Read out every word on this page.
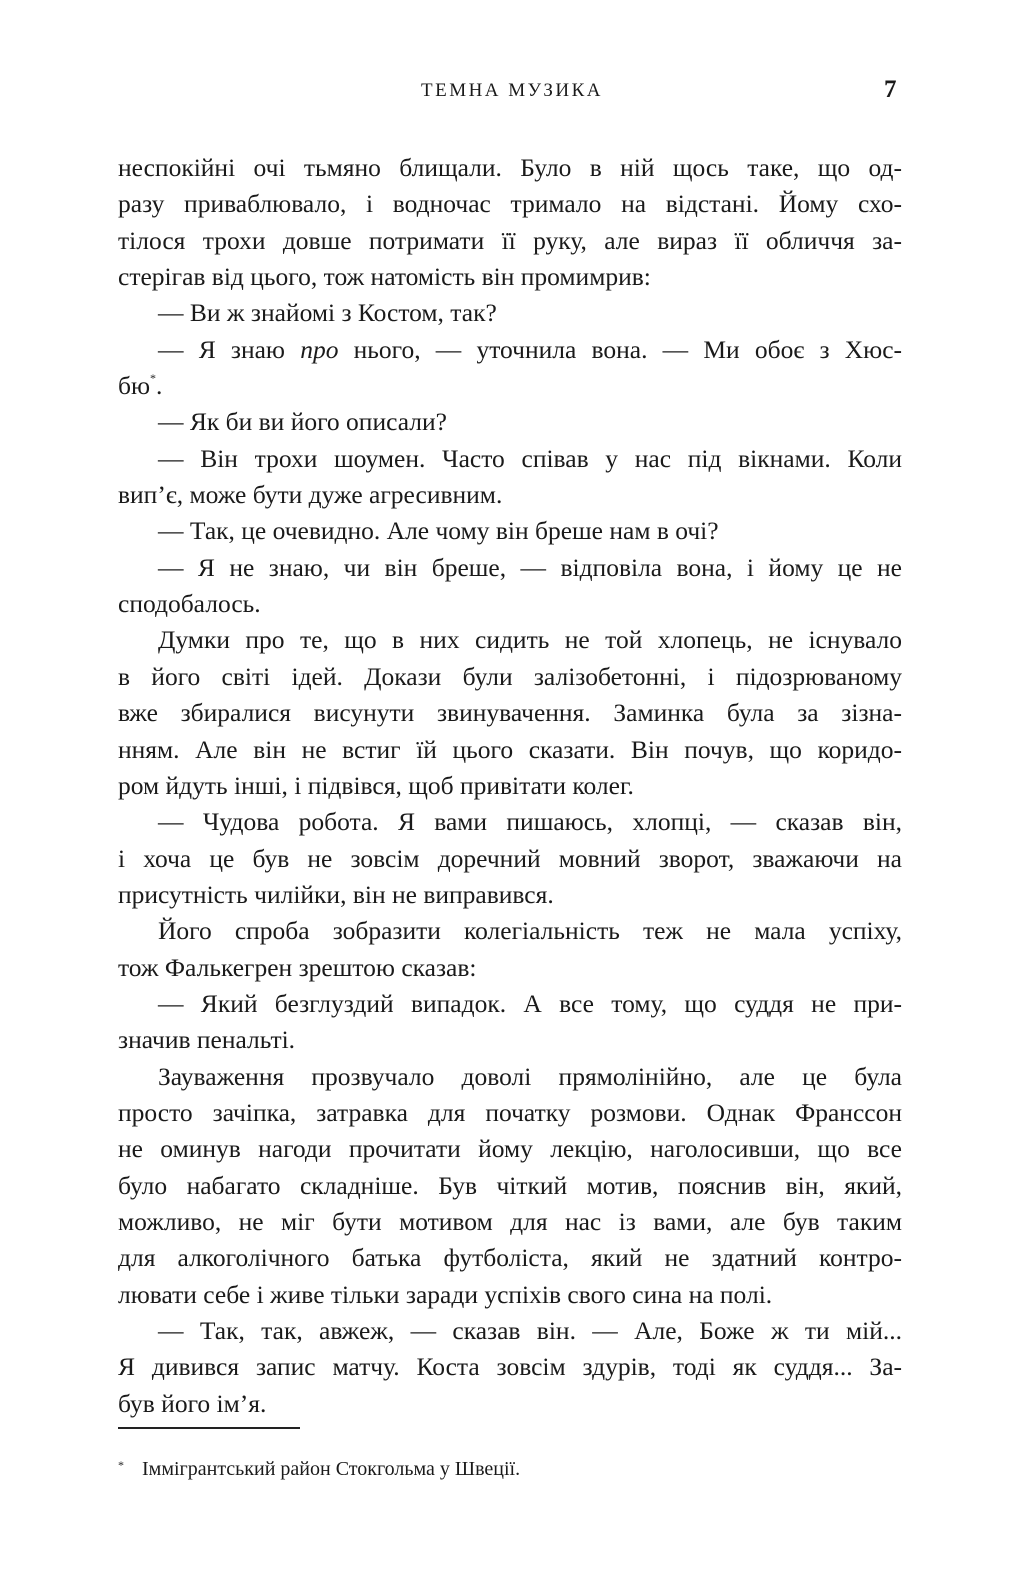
ТЕМНА МУЗИКА	7
неспокійні очі тьмяно блищали. Було в ній щось таке, що од-
разу приваблювало, і водночас тримало на відстані. Йому схо-
тілося трохи довше потримати її руку, але вираз її обличчя за-
стерігав від цього, тож натомість він промимрив:
— Ви ж знайомі з Костом, так?
— Я знаю про нього, — уточнила вона. — Ми обоє з Хюс-
бю*.
— Як би ви його описали?
— Він трохи шоумен. Часто співав у нас під вікнами. Коли
вип’є, може бути дуже агресивним.
— Так, це очевидно. Але чому він бреше нам в очі?
— Я не знаю, чи він бреше, — відповіла вона, і йому це не
сподобалось.
Думки про те, що в них сидить не той хлопець, не існувало
в його світі ідей. Докази були залізобетонні, і підозрюваному
вже збиралися висунути звинувачення. Заминка була за зізна-
нням. Але він не встиг їй цього сказати. Він почув, що коридо-
ром йдуть інші, і підвівся, щоб привітати колег.
— Чудова робота. Я вами пишаюсь, хлопці, — сказав він,
і хоча це був не зовсім доречний мовний зворот, зважаючи на
присутність чилійки, він не виправився.
Його спроба зобразити колегіальність теж не мала успіху,
тож Фалькегрен зрештою сказав:
— Який безглуздий випадок. А все тому, що суддя не при-
значив пенальті.
Зауваження прозвучало доволі прямолінійно, але це була
просто зачіпка, затравка для початку розмови. Однак Франссон
не оминув нагоди прочитати йому лекцію, наголосивши, що все
було набагато складніше. Був чіткий мотив, пояснив він, який,
можливо, не міг бути мотивом для нас із вами, але був таким
для алкоголічного батька футболіста, який не здатний контро-
лювати себе і живе тільки заради успіхів свого сина на полі.
— Так, так, авжеж, — сказав він. — Але, Боже ж ти мій...
Я дивився запис матчу. Коста зовсім здурів, тоді як суддя... За-
був його ім’я.
* Іммігрантський район Стокгольма у Швеції.
